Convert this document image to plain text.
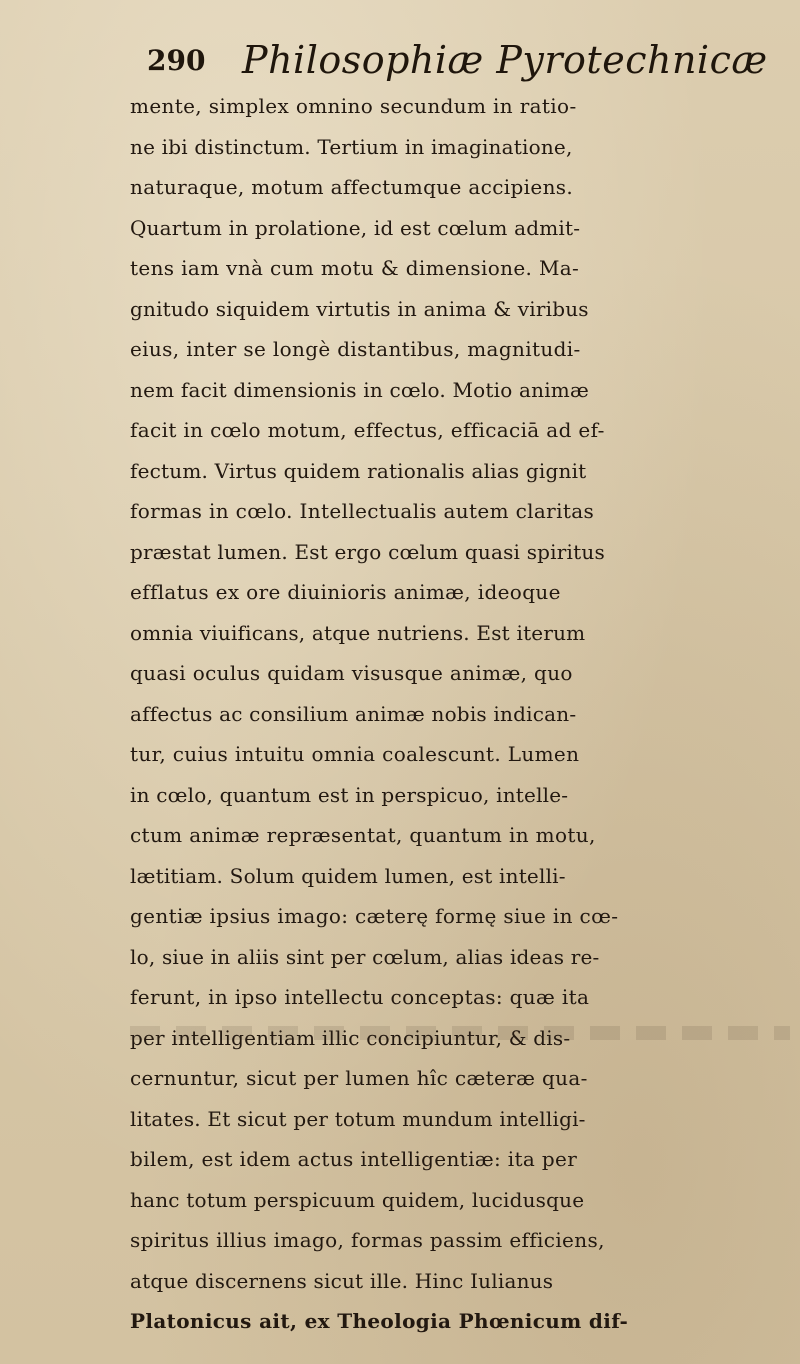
290 Philosophiæ Pyrotechnicæ
mente, simplex omnino secundum in ratio-
ne ibi distinctum. Tertium in imaginatione,
naturaque, motum affectumque accipiens.
Quartum in prolatione, id est cœlum admit-
tens iam vnà cum motu & dimensione. Ma-
gnitudo siquidem virtutis in anima & viribus
eius, inter se longè distantibus, magnitudi-
nem facit dimensionis in cœlo. Motio animæ
facit in cœlo motum, effectus, efficaciā ad ef-
fectum. Virtus quidem rationalis alias gignit
formas in cœlo. Intellectualis autem claritas
præstat lumen. Est ergo cœlum quasi spiritus
efflatus ex ore diuinioris animæ, ideoque
omnia viuificans, atque nutriens. Est iterum
quasi oculus quidam visusque animæ, quo
affectus ac consilium animæ nobis indican-
tur, cuius intuitu omnia coalescunt. Lumen
in cœlo, quantum est in perspicuo, intelle-
ctum animæ repræsentat, quantum in motu,
lætitiam. Solum quidem lumen, est intelli-
gentiæ ipsius imago: cæterę formę siue in cœ-
lo, siue in aliis sint per cœlum, alias ideas re-
ferunt, in ipso intellectu conceptas: quæ ita
per intelligentiam illic concipiuntur, & dis-
cernuntur, sicut per lumen hîc cæteræ qua-
litates. Et sicut per totum mundum intelligi-
bilem, est idem actus intelligentiæ: ita per
hanc totum perspicuum quidem, lucidusque
spiritus illius imago, formas passim efficiens,
atque discernens sicut ille. Hinc Iulianus
Platonicus ait, ex Theologia Phœnicum dif-
